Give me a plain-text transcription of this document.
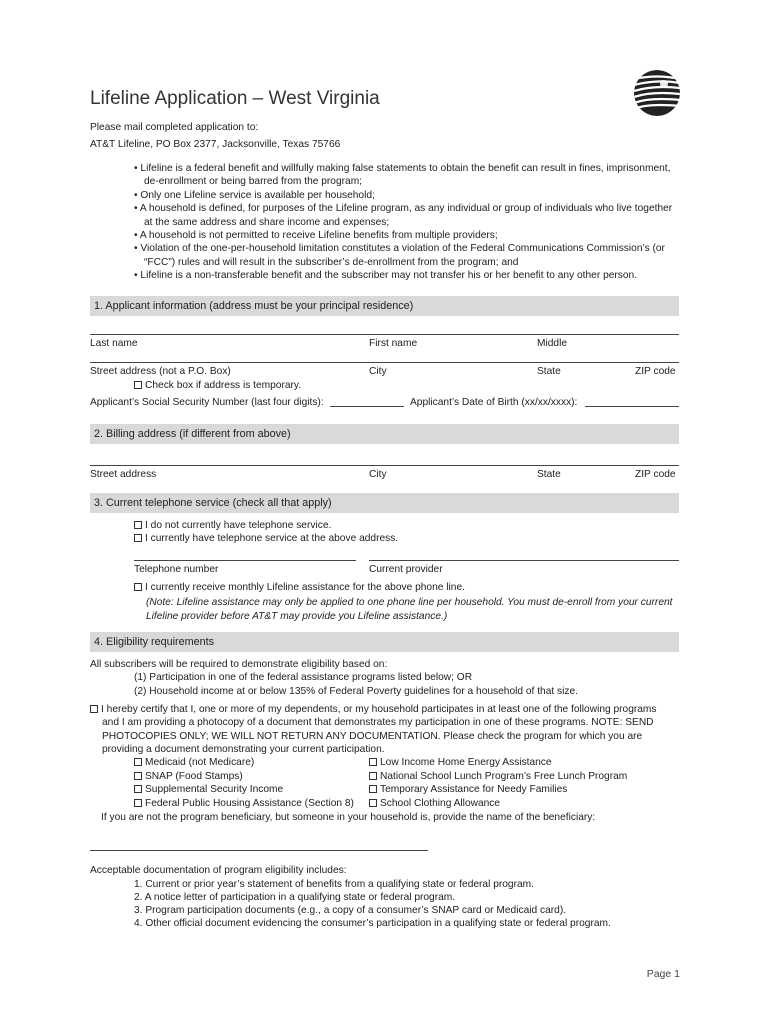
Lifeline Application – West Virginia
Please mail completed application to:
AT&T Lifeline, PO Box 2377, Jacksonville, Texas 75766
• Lifeline is a federal benefit and willfully making false statements to obtain the benefit can result in fines, imprisonment, de-enrollment or being barred from the program;
• Only one Lifeline service is available per household;
• A household is defined, for purposes of the Lifeline program, as any individual or group of individuals who live together at the same address and share income and expenses;
• A household is not permitted to receive Lifeline benefits from multiple providers;
• Violation of the one-per-household limitation constitutes a violation of the Federal Communications Commission’s (or “FCC”) rules and will result in the subscriber’s de-enrollment from the program; and
• Lifeline is a non-transferable benefit and the subscriber may not transfer his or her benefit to any other person.
1. Applicant information (address must be your principal residence)
Last name	First name	Middle
Street address (not a P.O. Box)	City	State	ZIP code
Check box if address is temporary.
Applicant’s Social Security Number (last four digits):	Applicant’s Date of Birth (xx/xx/xxxx):
2. Billing address (if different from above)
Street address	City	State	ZIP code
3. Current telephone service (check all that apply)
I do not currently have telephone service.
I currently have telephone service at the above address.
Telephone number	Current provider
I currently receive monthly Lifeline assistance for the above phone line.
(Note: Lifeline assistance may only be applied to one phone line per household. You must de-enroll from your current Lifeline provider before AT&T may provide you Lifeline assistance.)
4. Eligibility requirements
All subscribers will be required to demonstrate eligibility based on:
(1) Participation in one of the federal assistance programs listed below; OR
(2) Household income at or below 135% of Federal Poverty guidelines for a household of that size.
I hereby certify that I, one or more of my dependents, or my household participates in at least one of the following programs and I am providing a photocopy of a document that demonstrates my participation in one of these programs. NOTE: SEND PHOTOCOPIES ONLY; WE WILL NOT RETURN ANY DOCUMENTATION. Please check the program for which you are providing a document demonstrating your current participation.
Medicaid (not Medicare)
SNAP (Food Stamps)
Supplemental Security Income
Federal Public Housing Assistance (Section 8)
Low Income Home Energy Assistance
National School Lunch Program’s Free Lunch Program
Temporary Assistance for Needy Families
School Clothing Allowance
If you are not the program beneficiary, but someone in your household is, provide the name of the beneficiary:
Acceptable documentation of program eligibility includes:
1. Current or prior year’s statement of benefits from a qualifying state or federal program.
2. A notice letter of participation in a qualifying state or federal program.
3. Program participation documents (e.g., a copy of a consumer’s SNAP card or Medicaid card).
4. Other official document evidencing the consumer’s participation in a qualifying state or federal program.
Page 1
